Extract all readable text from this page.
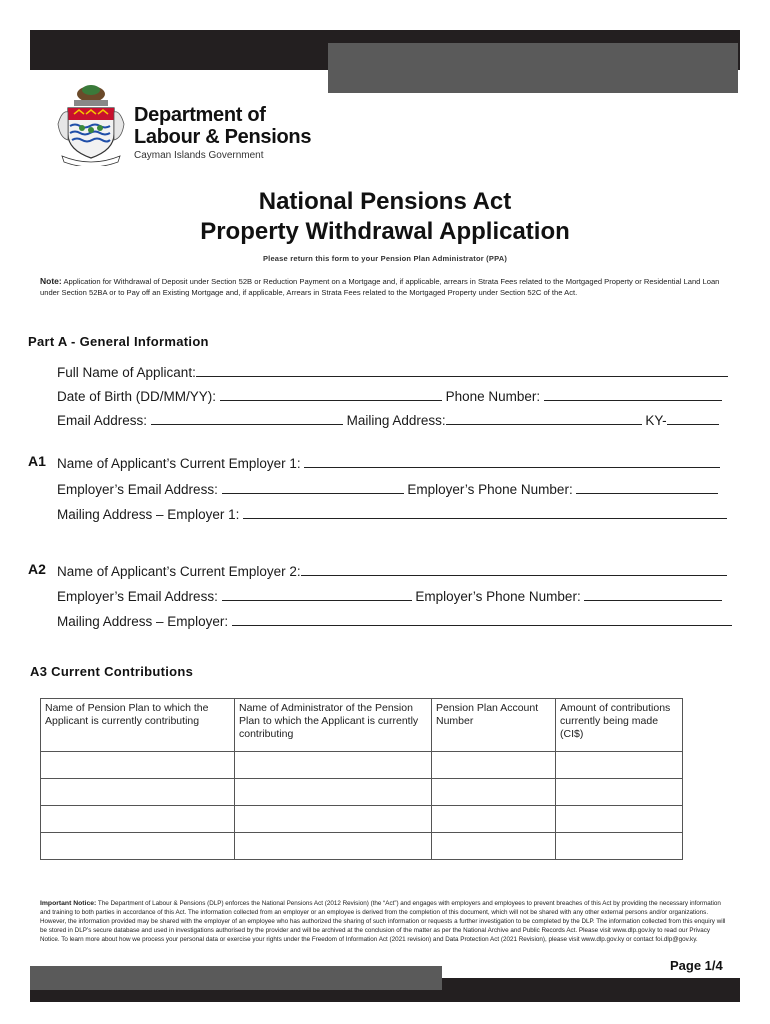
Department of
Labour & Pensions
Cayman Islands Government
National Pensions Act
Property Withdrawal Application
Please return this form to your Pension Plan Administrator (PPA)
Note: Application for Withdrawal of Deposit under Section 52B or Reduction Payment on a Mortgage and, if applicable, arrears in Strata Fees related to the Mortgaged Property or Residential Land Loan under Section 52BA or to Pay off an Existing Mortgage and, if applicable, Arrears in Strata Fees related to the Mortgaged Property under Section 52C of the Act.
Part A - General Information
Full Name of Applicant:
Date of Birth (DD/MM/YY):	Phone Number:
Email Address:	Mailing Address:	KY-
A1 Name of Applicant’s Current Employer 1:
Employer’s Email Address:	Employer’s Phone Number:
Mailing Address – Employer 1:
A2 Name of Applicant’s Current Employer 2:
Employer’s Email Address:	Employer’s Phone Number:
Mailing Address – Employer:
A3 Current Contributions
Name of Pension Plan to which the Applicant is currently contributing	Name of Administrator of the Pension Plan to which the Applicant is currently contributing	Pension Plan Account Number	Amount of contributions currently being made (CI$)

Important Notice: The Department of Labour & Pensions (DLP) enforces the National Pensions Act (2012 Revision) (the “Act”) and engages with employers and employees to prevent breaches of this Act by providing the necessary information and training to both parties in accordance of this Act. The information collected from an employer or an employee is derived from the completion of this document, which will not be shared with any other external persons and/or organizations. However, the information provided may be shared with the employer of an employee who has authorized the sharing of such information or requests a further investigation to be completed by the DLP. The information collected from this enquiry will be stored in DLP’s secure database and used in investigations authorised by the provider and will be archived at the conclusion of the matter as per the National Archive and Public Records Act. Please visit www.dlp.gov.ky to read our Privacy Notice. To learn more about how we process your personal data or exercise your rights under the Freedom of Information Act (2021 revision) and Data Protection Act (2021 Revision), please visit www.dlp.gov.ky or contact foi.dlp@gov.ky.
Page 1/4
